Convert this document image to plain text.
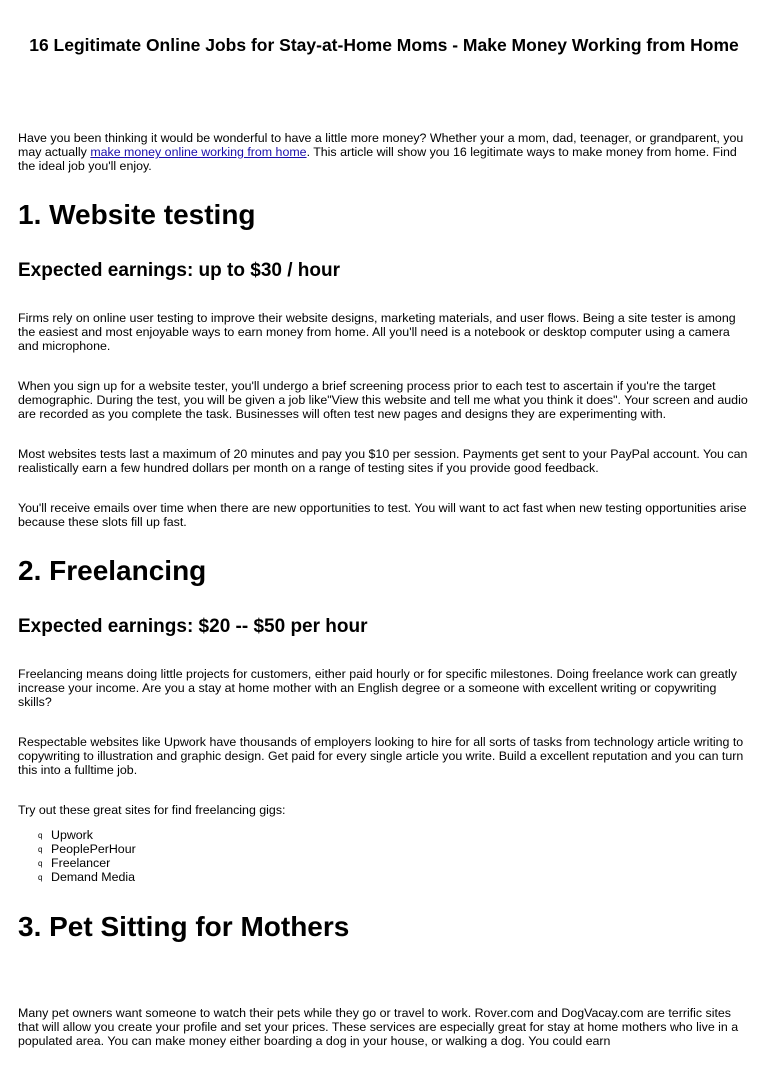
16 Legitimate Online Jobs for Stay-at-Home Moms - Make Money Working from Home

Have you been thinking it would be wonderful to have a little more money? Whether your a mom, dad, teenager, or grandparent, you may actually make money online working from home. This article will show you 16 legitimate ways to make money from home. Find the ideal job you'll enjoy.

1. Website testing
Expected earnings: up to $30 / hour

Firms rely on online user testing to improve their website designs, marketing materials, and user flows. Being a site tester is among the easiest and most enjoyable ways to earn money from home. All you'll need is a notebook or desktop computer using a camera and microphone.

When you sign up for a website tester, you'll undergo a brief screening process prior to each test to ascertain if you're the target demographic. During the test, you will be given a job like"View this website and tell me what you think it does". Your screen and audio are recorded as you complete the task. Businesses will often test new pages and designs they are experimenting with.

Most websites tests last a maximum of 20 minutes and pay you $10 per session. Payments get sent to your PayPal account. You can realistically earn a few hundred dollars per month on a range of testing sites if you provide good feedback.

You'll receive emails over time when there are new opportunities to test. You will want to act fast when new testing opportunities arise because these slots fill up fast.

2. Freelancing
Expected earnings: $20 -- $50 per hour

Freelancing means doing little projects for customers, either paid hourly or for specific milestones. Doing freelance work can greatly increase your income. Are you a stay at home mother with an English degree or a someone with excellent writing or copywriting skills?

Respectable websites like Upwork have thousands of employers looking to hire for all sorts of tasks from technology article writing to copywriting to illustration and graphic design. Get paid for every single article you write. Build a excellent reputation and you can turn this into a fulltime job.

Try out these great sites for find freelancing gigs:

q Upwork
q PeoplePerHour
q Freelancer
q Demand Media
3. Pet Sitting for Mothers

Many pet owners want someone to watch their pets while they go or travel to work. Rover.com and DogVacay.com are terrific sites that will allow you create your profile and set your prices. These services are especially great for stay at home mothers who live in a populated area. You can make money either boarding a dog in your house, or walking a dog. You could earn
